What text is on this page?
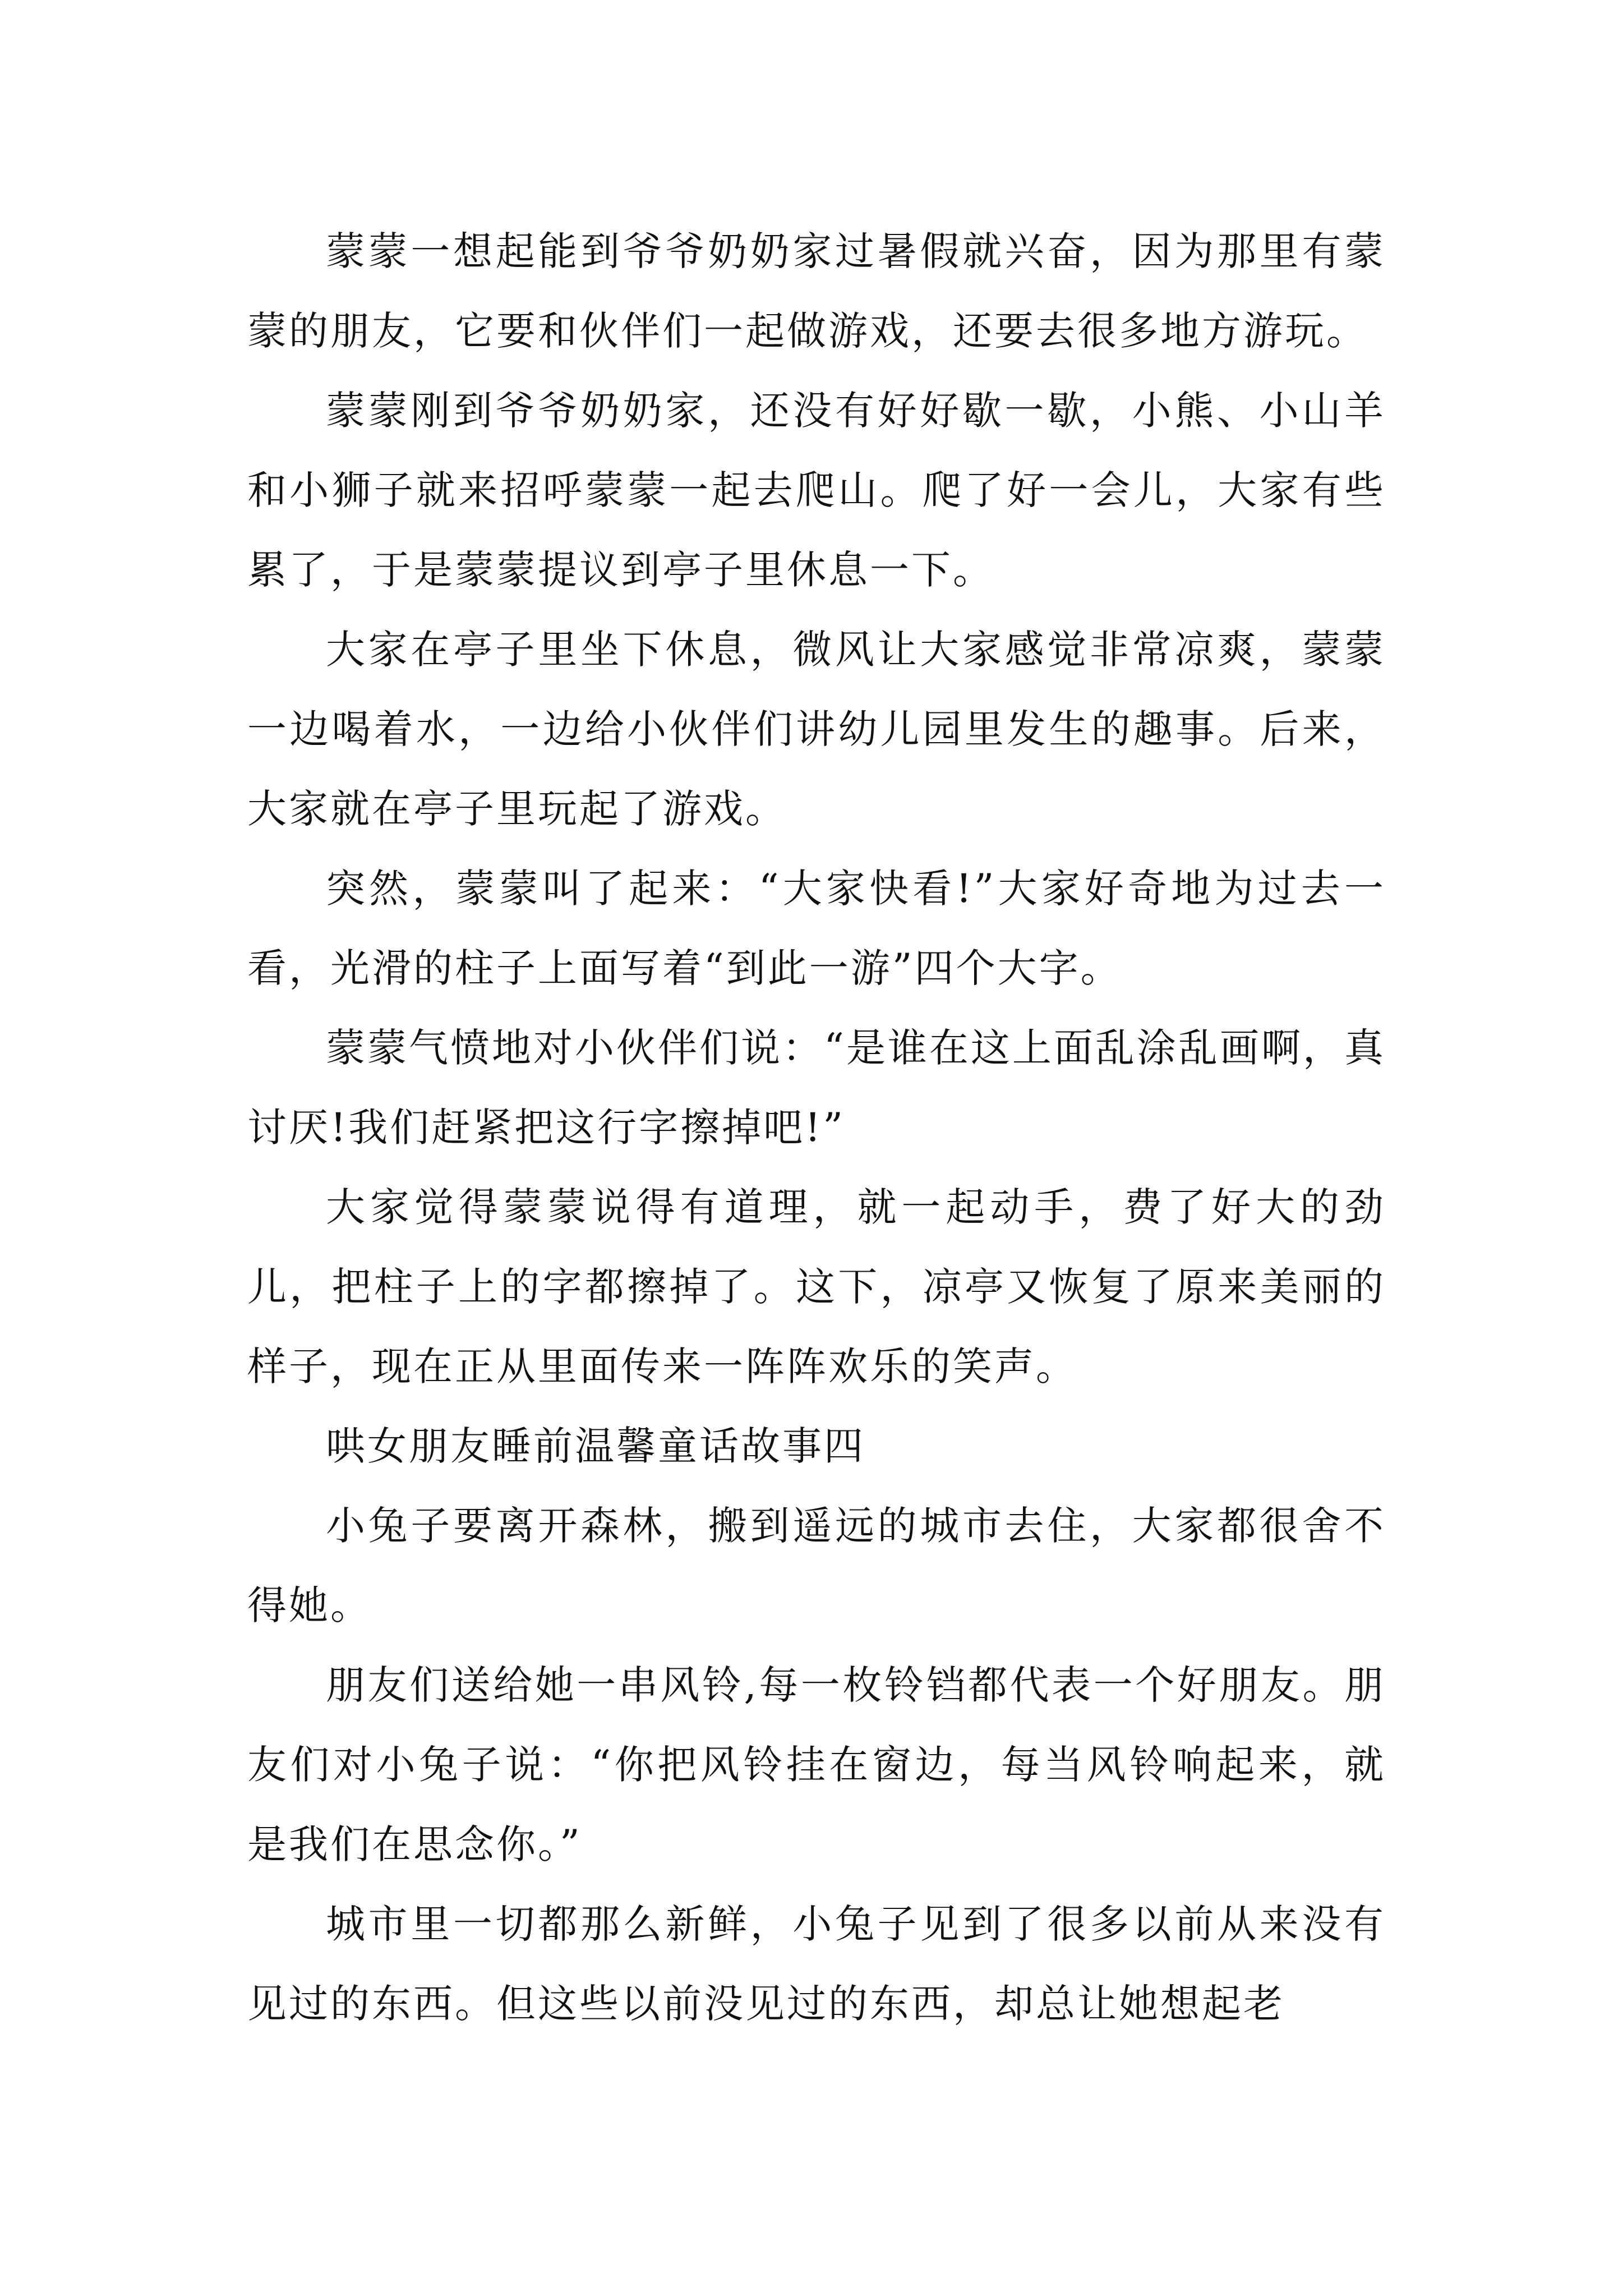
蒙蒙一想起能到爷爷奶奶家过暑假就兴奋，因为那里有蒙蒙的朋友，它要和伙伴们一起做游戏，还要去很多地方游玩。

蒙蒙刚到爷爷奶奶家，还没有好好歇一歇，小熊、小山羊和小狮子就来招呼蒙蒙一起去爬山。爬了好一会儿，大家有些累了，于是蒙蒙提议到亭子里休息一下。

大家在亭子里坐下休息，微风让大家感觉非常凉爽，蒙蒙一边喝着水，一边给小伙伴们讲幼儿园里发生的趣事。后来，大家就在亭子里玩起了游戏。

突然，蒙蒙叫了起来：“大家快看!”大家好奇地为过去一看，光滑的柱子上面写着“到此一游”四个大字。

蒙蒙气愤地对小伙伴们说：“是谁在这上面乱涂乱画啊，真讨厌!我们赶紧把这行字擦掉吧!”

大家觉得蒙蒙说得有道理，就一起动手，费了好大的劲儿，把柱子上的字都擦掉了。这下，凉亭又恢复了原来美丽的样子，现在正从里面传来一阵阵欢乐的笑声。

哄女朋友睡前温馨童话故事四

小兔子要离开森林，搬到遥远的城市去住，大家都很舍不得她。

朋友们送给她一串风铃,每一枚铃铛都代表一个好朋友。朋友们对小兔子说：“你把风铃挂在窗边，每当风铃响起来，就是我们在思念你。”

城市里一切都那么新鲜，小兔子见到了很多以前从来没有见过的东西。但这些以前没见过的东西，却总让她想起老
